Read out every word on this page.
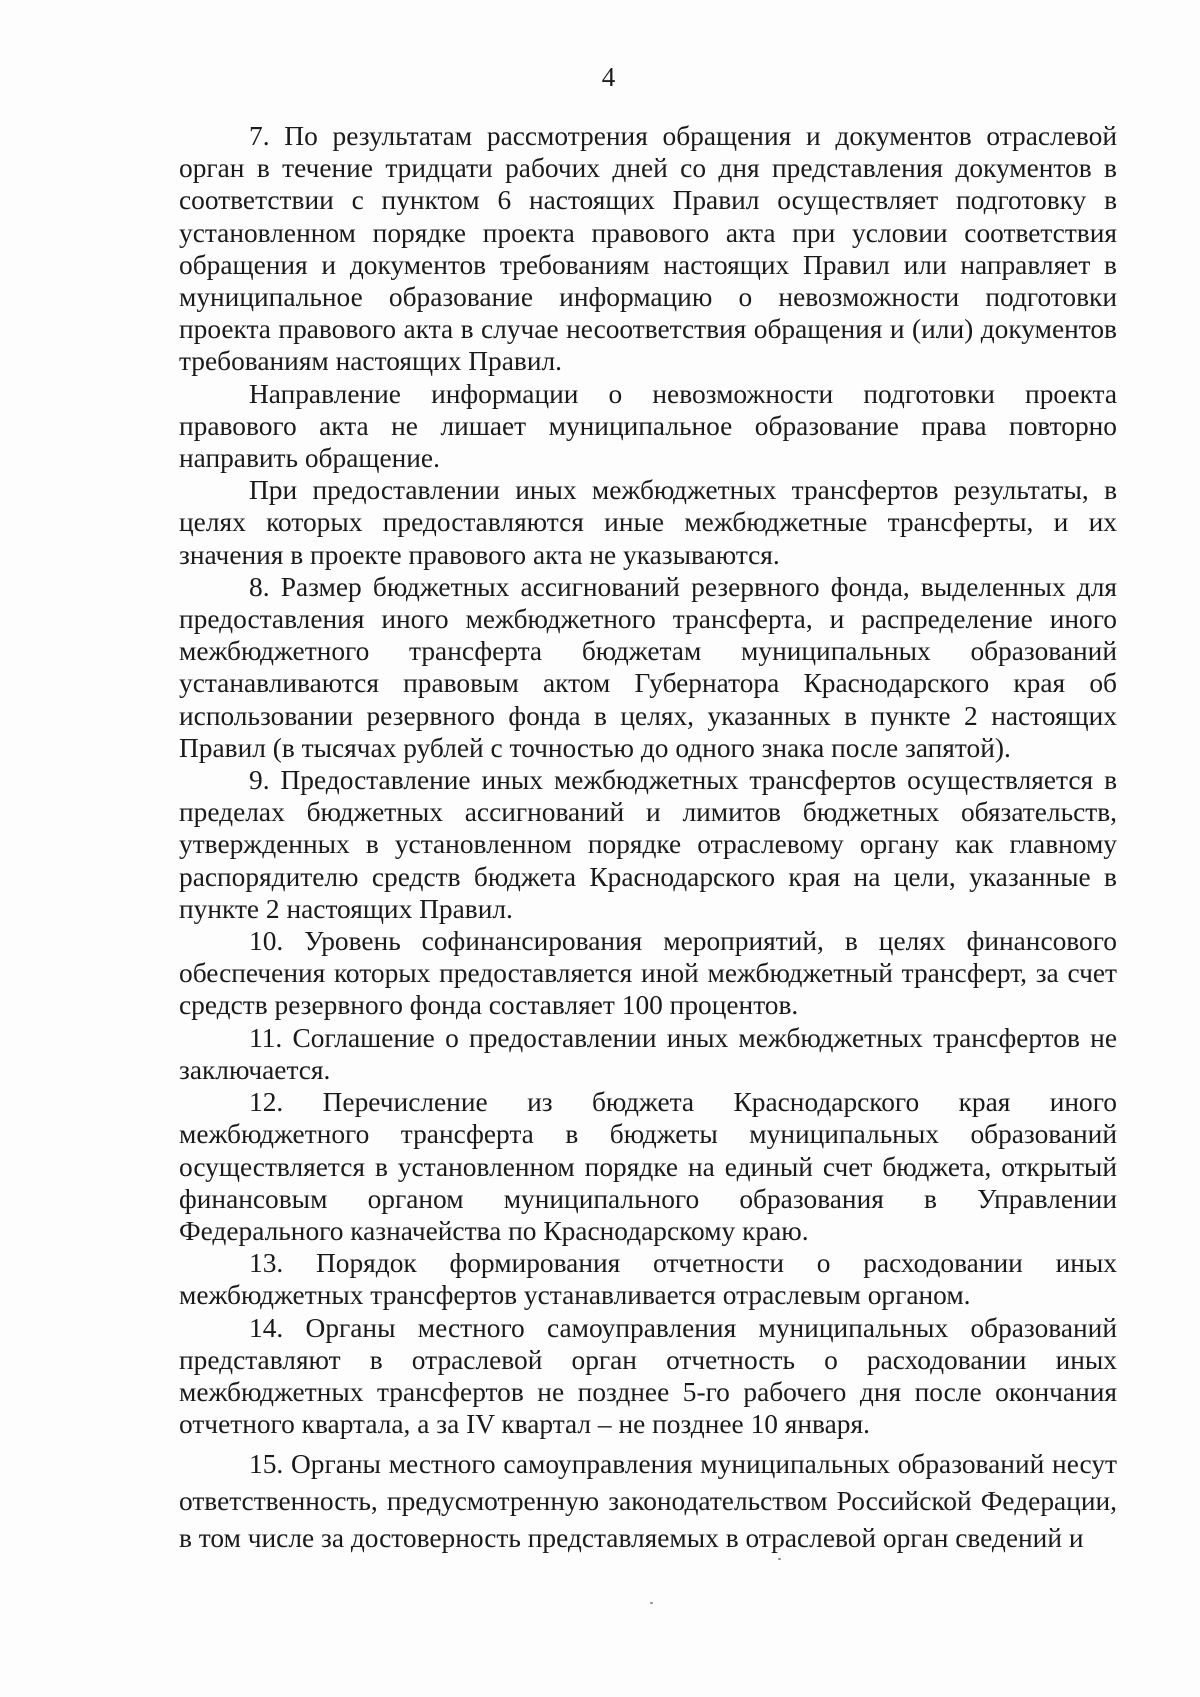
4

7. По результатам рассмотрения обращения и документов отраслевой орган в течение тридцати рабочих дней со дня представления документов в соответствии с пунктом 6 настоящих Правил осуществляет подготовку в установленном порядке проекта правового акта при условии соответствия обращения и документов требованиям настоящих Правил или направляет в муниципальное образование информацию о невозможности подготовки проекта правового акта в случае несоответствия обращения и (или) документов требованиям настоящих Правил.

Направление информации о невозможности подготовки проекта правового акта не лишает муниципальное образование права повторно направить обращение.

При предоставлении иных межбюджетных трансфертов результаты, в целях которых предоставляются иные межбюджетные трансферты, и их значения в проекте правового акта не указываются.

8. Размер бюджетных ассигнований резервного фонда, выделенных для предоставления иного межбюджетного трансферта, и распределение иного межбюджетного трансферта бюджетам муниципальных образований устанавливаются правовым актом Губернатора Краснодарского края об использовании резервного фонда в целях, указанных в пункте 2 настоящих Правил (в тысячах рублей с точностью до одного знака после запятой).

9. Предоставление иных межбюджетных трансфертов осуществляется в пределах бюджетных ассигнований и лимитов бюджетных обязательств, утвержденных в установленном порядке отраслевому органу как главному распорядителю средств бюджета Краснодарского края на цели, указанные в пункте 2 настоящих Правил.

10. Уровень софинансирования мероприятий, в целях финансового обеспечения которых предоставляется иной межбюджетный трансферт, за счет средств резервного фонда составляет 100 процентов.

11. Соглашение о предоставлении иных межбюджетных трансфертов не заключается.

12. Перечисление из бюджета Краснодарского края иного межбюджетного трансферта в бюджеты муниципальных образований осуществляется в установленном порядке на единый счет бюджета, открытый финансовым органом муниципального образования в Управлении Федерального казначейства по Краснодарскому краю.

13. Порядок формирования отчетности о расходовании иных межбюджетных трансфертов устанавливается отраслевым органом.

14. Органы местного самоуправления муниципальных образований представляют в отраслевой орган отчетность о расходовании иных межбюджетных трансфертов не позднее 5-го рабочего дня после окончания отчетного квартала, а за IV квартал – не позднее 10 января.

15. Органы местного самоуправления муниципальных образований несут ответственность, предусмотренную законодательством Российской Федерации, в том числе за достоверность представляемых в отраслевой орган сведений и
